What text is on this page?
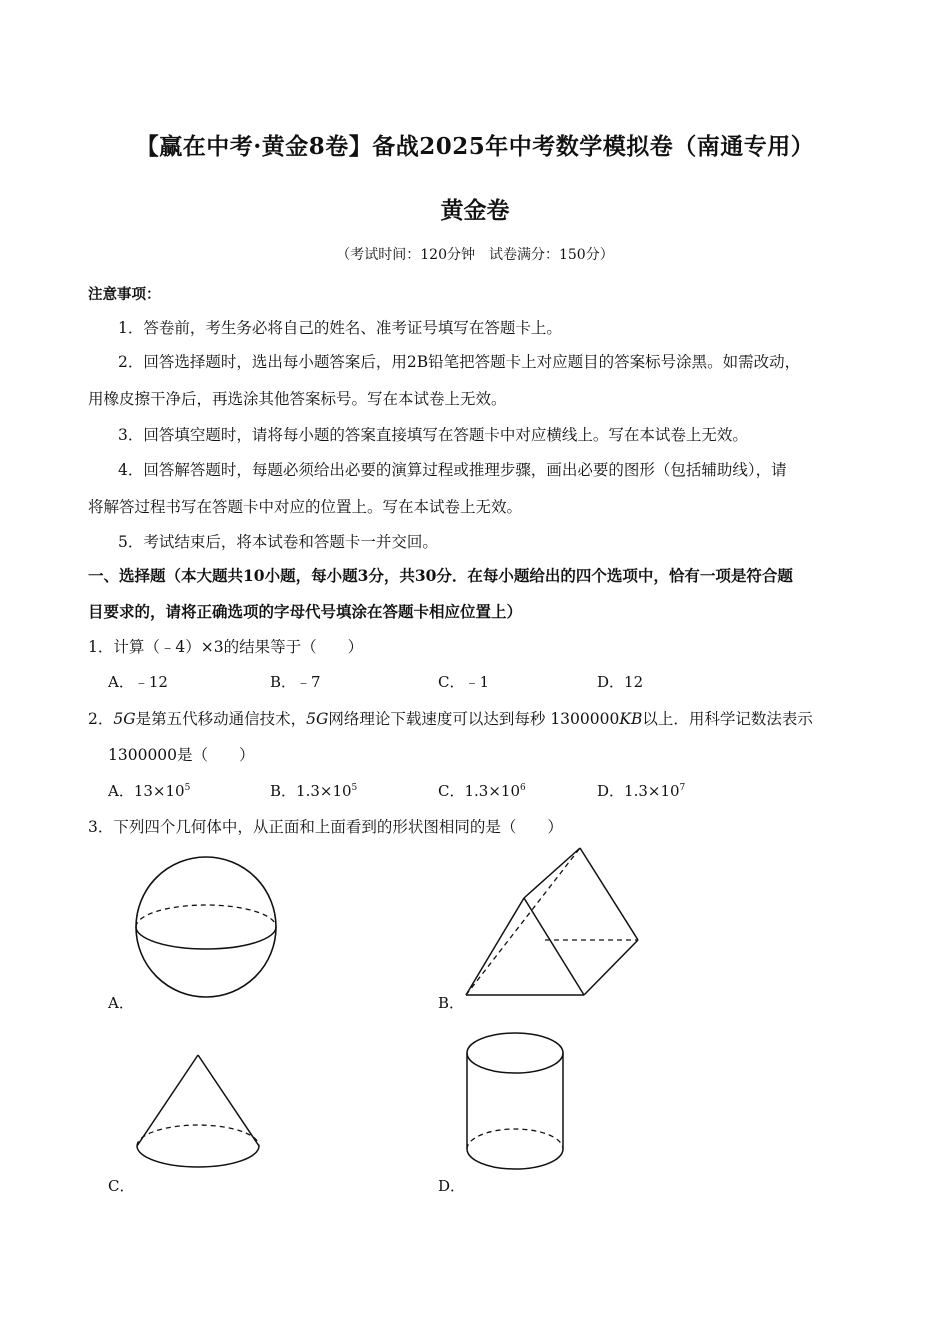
【赢在中考·黄金8卷】备战2025年中考数学模拟卷（南通专用）
黄金卷
（考试时间：120分钟　试卷满分：150分）
注意事项：
1．答卷前，考生务必将自己的姓名、准考证号填写在答题卡上。
2．回答选择题时，选出每小题答案后，用2B铅笔把答题卡上对应题目的答案标号涂黑。如需改动，
用橡皮擦干净后，再选涂其他答案标号。写在本试卷上无效。
3．回答填空题时，请将每小题的答案直接填写在答题卡中对应横线上。写在本试卷上无效。
4．回答解答题时，每题必须给出必要的演算过程或推理步骤，画出必要的图形（包括辅助线），请
将解答过程书写在答题卡中对应的位置上。写在本试卷上无效。
5．考试结束后，将本试卷和答题卡一并交回。
一、选择题（本大题共10小题，每小题3分，共30分．在每小题给出的四个选项中，恰有一项是符合题
目要求的，请将正确选项的字母代号填涂在答题卡相应位置上）
1．计算（﹣4）×3的结果等于（　　）
A．﹣12	B．﹣7	C．﹣1	D．12
2．5G是第五代移动通信技术，5G网络理论下载速度可以达到每秒 1300000KB以上．用科学记数法表示
1300000是（　　）
A．$13\times 10^5$	B．$1.3\times 10^5$	C．$1.3\times 10^6$	D．$1.3\times 10^7$
3．下列四个几何体中，从正面和上面看到的形状图相同的是（　　）
A．	B．
C．	D．
